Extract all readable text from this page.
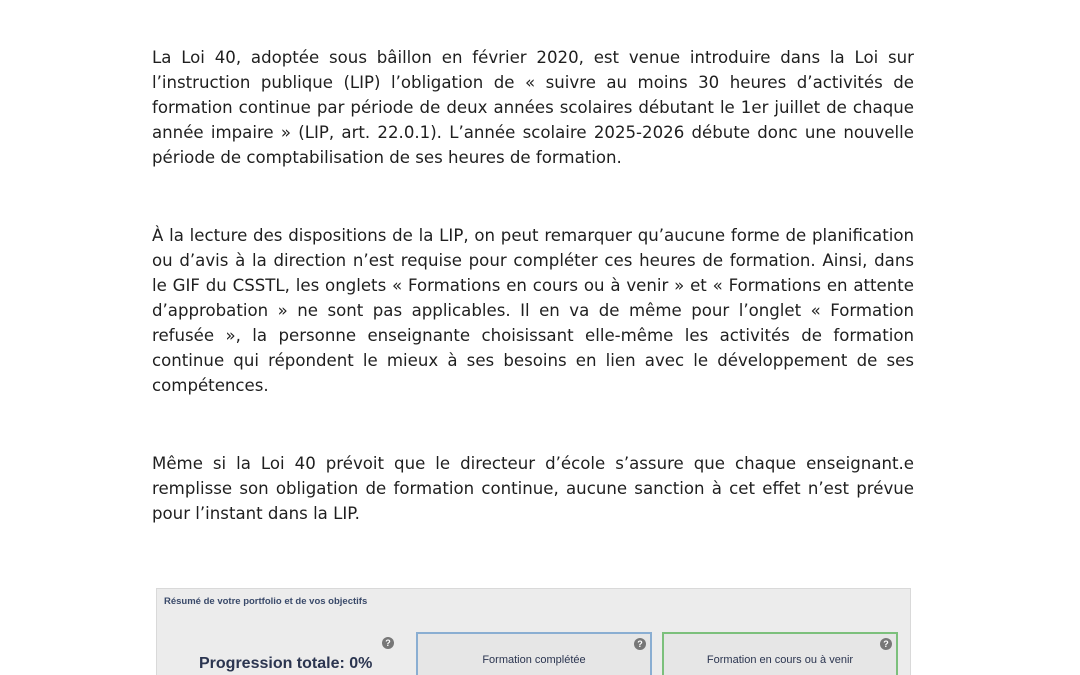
La Loi 40, adoptée sous bâillon en février 2020, est venue introduire dans la Loi sur l’instruction publique (LIP) l’obligation de « suivre au moins 30 heures d’activités de formation continue par période de deux années scolaires débutant le 1er juillet de chaque année impaire » (LIP, art. 22.0.1). L’année scolaire 2025-2026 débute donc une nouvelle période de comptabilisation de ses heures de formation.

À la lecture des dispositions de la LIP, on peut remarquer qu’aucune forme de planification ou d’avis à la direction n’est requise pour compléter ces heures de formation. Ainsi, dans le GIF du CSSTL, les onglets « Formations en cours ou à venir » et « Formations en attente d’approbation » ne sont pas applicables. Il en va de même pour l’onglet « Formation refusée », la personne enseignante choisissant elle-même les activités de formation continue qui répondent le mieux à ses besoins en lien avec le développement de ses compétences.

Même si la Loi 40 prévoit que le directeur d’école s’assure que chaque enseignant.e remplisse son obligation de formation continue, aucune sanction à cet effet n’est prévue pour l’instant dans la LIP.

Résumé de votre portfolio et de vos objectifs
?
Progression totale: 0%
?
Formation complétée
?
Formation en cours ou à venir
